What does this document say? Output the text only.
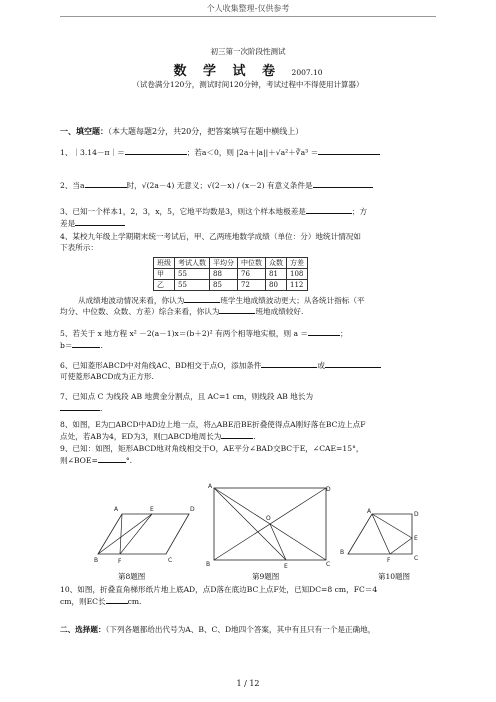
个人收集整理-仅供参考
初三第一次阶段性测试
数 学 试 卷 2007.10
（试卷满分120分，测试时间120分钟，考试过程中不得使用计算器）
一、填空题：（本大题每题2分，共20分，把答案填写在题中横线上）
1、｜3.14－π｜＝	；若a＜0，则 |2a＋|a||＋√a²＋∛a³ ＝
2、当a	时，√(2a－4) 无意义；√(2－x) / (x－2) 有意义条件是
3、已知一个样本1，2，3，x，5，它地平均数是3，则这个样本地极差是	；方
差是
4、某校九年级上学期期末统一考试后，甲、乙两班地数学成绩（单位：分）地统计情况如
下表所示：
班级	考试人数	平均分	中位数	众数	方差
甲	55	88	76	81	108
乙	55	85	72	80	112
从成绩地波动情况来看，你认为	班学生地成绩波动更大；从各统计指标（平
均分、中位数、众数、方差）综合来看，你认为	班地成绩较好.
5、若关于 x 地方程 x² －2(a－1)x＝(b＋2)² 有两个相等地实根，则 a ＝	；
b＝	.
6、已知菱形ABCD中对角线AC、BD相交于点O，添加条件	或
可使菱形ABCD成为正方形.
7、已知点 C 为线段 AB 地黄金分割点，且 AC=1 cm，则线段 AB 地长为
.
8、如图，E为□ABCD中AD边上地一点，将△ABE沿BE折叠使得点A刚好落在BC边上点F
点处，若AB为4，ED为3，则□ABCD地周长为	.
9、已知：如图，矩形ABCD地对角线相交于O，AE平分∠BAD交BC于E，∠CAE=15°，
则∠BOE=	°.
A	E	D
B	F	C
第8题图
A	D
O
B	E	C
第9题图
A	D
B
F
E
C
第10题图
10、如图，折叠直角梯形纸片地上底AD，点D落在底边BC上点F处，已知DC=8 cm，FC＝4
cm，则EC长	cm.
二、选择题：（下列各题都给出代号为A、B、C、D地四个答案，其中有且只有一个是正确地，
1 / 12
